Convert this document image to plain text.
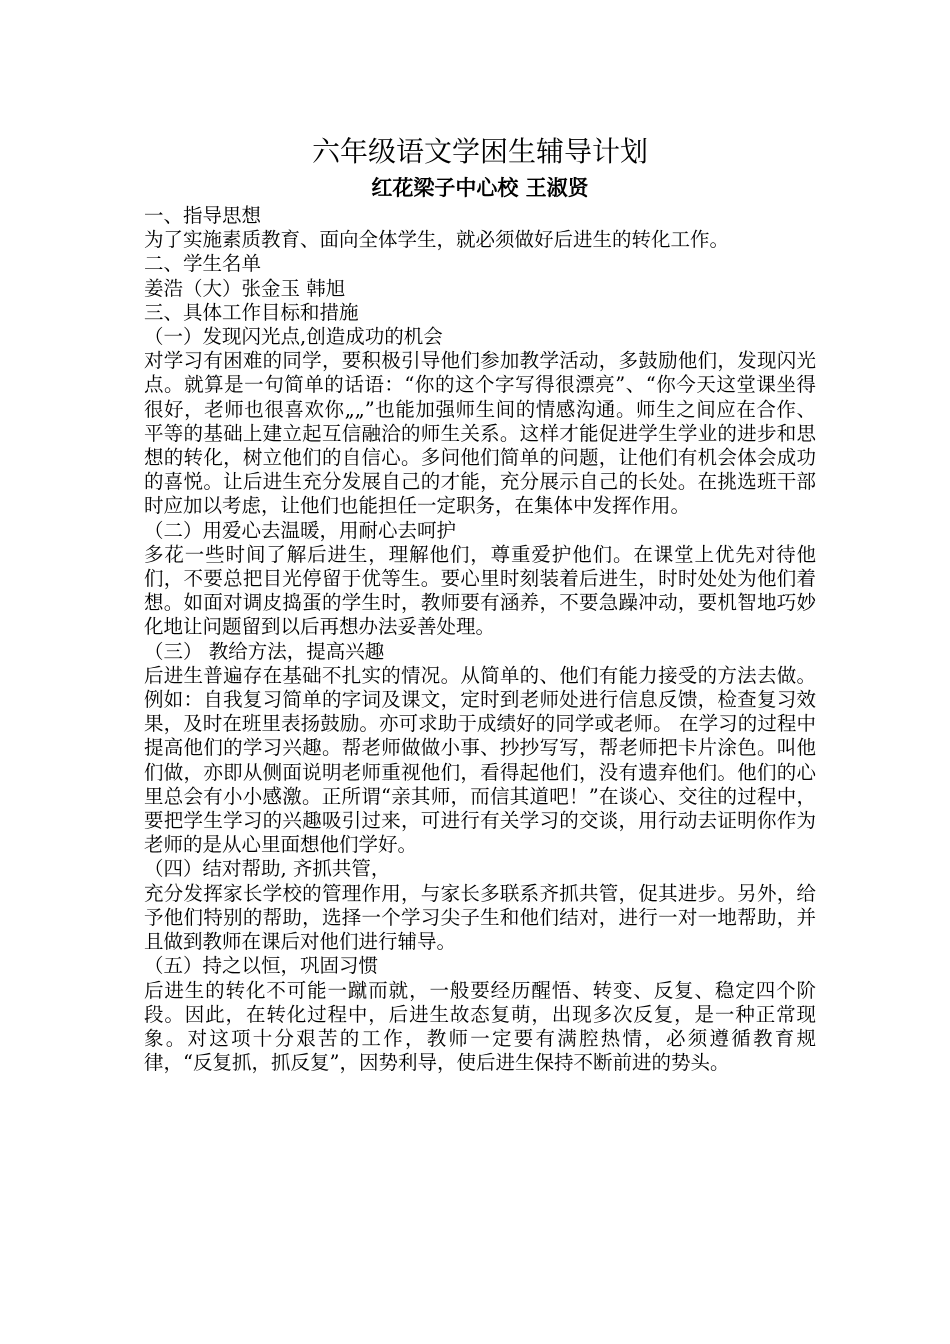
六年级语文学困生辅导计划

红花梁子中心校 王淑贤

一、指导思想

为了实施素质教育、面向全体学生，就必须做好后进生的转化工作。

二、学生名单

姜浩（大）张金玉 韩旭

三、具体工作目标和措施

（一）发现闪光点,创造成功的机会

对学习有困难的同学，要积极引导他们参加教学活动，多鼓励他们，发现闪光点。就算是一句简单的话语：“你的这个字写得很漂亮”、“你今天这堂课坐得很好，老师也很喜欢你„„”也能加强师生间的情感沟通。师生之间应在合作、平等的基础上建立起互信融洽的师生关系。这样才能促进学生学业的进步和思想的转化，树立他们的自信心。多问他们简单的问题，让他们有机会体会成功的喜悦。让后进生充分发展自己的才能，充分展示自己的长处。在挑选班干部时应加以考虑，让他们也能担任一定职务，在集体中发挥作用。

（二）用爱心去温暖，用耐心去呵护

多花一些时间了解后进生，理解他们，尊重爱护他们。在课堂上优先对待他们，不要总把目光停留于优等生。要心里时刻装着后进生，时时处处为他们着想。如面对调皮捣蛋的学生时，教师要有涵养，不要急躁冲动，要机智地巧妙化地让问题留到以后再想办法妥善处理。

（三） 教给方法，提高兴趣

后进生普遍存在基础不扎实的情况。从简单的、他们有能力接受的方法去做。例如：自我复习简单的字词及课文，定时到老师处进行信息反馈，检查复习效果，及时在班里表扬鼓励。亦可求助于成绩好的同学或老师。 在学习的过程中提高他们的学习兴趣。帮老师做做小事、抄抄写写，帮老师把卡片涂色。叫他们做，亦即从侧面说明老师重视他们，看得起他们，没有遗弃他们。他们的心里总会有小小感激。正所谓“亲其师，而信其道吧！”在谈心、交往的过程中，要把学生学习的兴趣吸引过来，可进行有关学习的交谈，用行动去证明你作为老师的是从心里面想他们学好。

（四）结对帮助, 齐抓共管，

充分发挥家长学校的管理作用，与家长多联系齐抓共管，促其进步。另外，给予他们特别的帮助，选择一个学习尖子生和他们结对，进行一对一地帮助，并且做到教师在课后对他们进行辅导。

（五）持之以恒，巩固习惯

后进生的转化不可能一蹴而就，一般要经历醒悟、转变、反复、稳定四个阶段。因此，在转化过程中，后进生故态复萌，出现多次反复，是一种正常现象。对这项十分艰苦的工作，教师一定要有满腔热情，必须遵循教育规律，“反复抓，抓反复”，因势利导，使后进生保持不断前进的势头。
